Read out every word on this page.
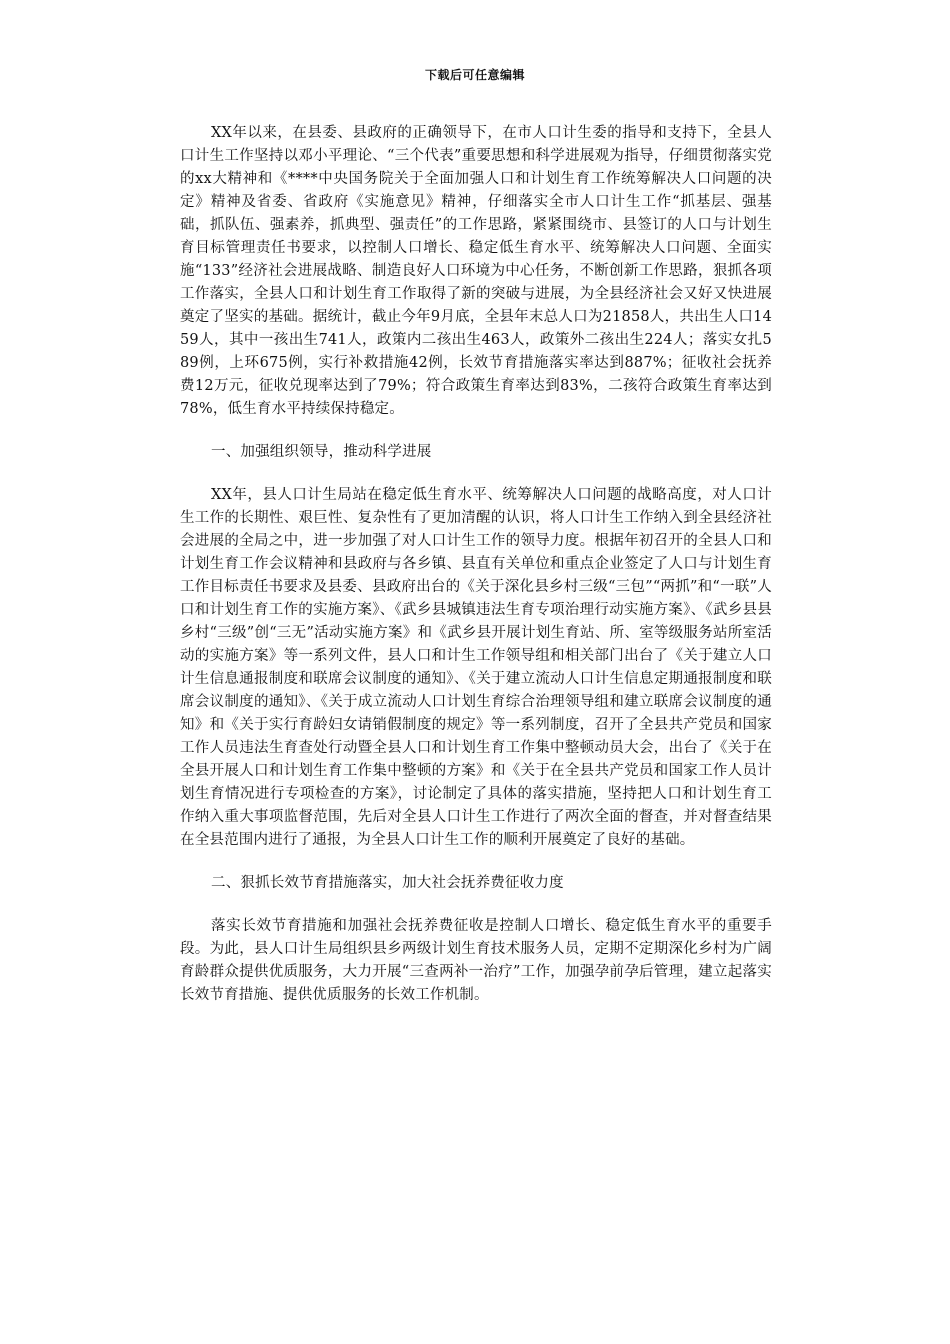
下载后可任意编辑

XX年以来，在县委、县政府的正确领导下，在市人口计生委的指导和支持下，全县人口计生工作坚持以邓小平理论、“三个代表”重要思想和科学进展观为指导，仔细贯彻落实党的xx大精神和《****中央国务院关于全面加强人口和计划生育工作统筹解决人口问题的决定》精神及省委、省政府《实施意见》精神，仔细落实全市人口计生工作“抓基层、强基础，抓队伍、强素养，抓典型、强责任”的工作思路，紧紧围绕市、县签订的人口与计划生育目标管理责任书要求，以控制人口增长、稳定低生育水平、统筹解决人口问题、全面实施“133”经济社会进展战略、制造良好人口环境为中心任务，不断创新工作思路，狠抓各项工作落实，全县人口和计划生育工作取得了新的突破与进展，为全县经济社会又好又快进展奠定了坚实的基础。据统计，截止今年9月底，全县年末总人口为21858人，共出生人口1459人，其中一孩出生741人，政策内二孩出生463人，政策外二孩出生224人；落实女扎589例，上环675例，实行补救措施42例，长效节育措施落实率达到887%；征收社会抚养费12万元，征收兑现率达到了79%；符合政策生育率达到83%，二孩符合政策生育率达到78%，低生育水平持续保持稳定。

一、加强组织领导，推动科学进展

XX年，县人口计生局站在稳定低生育水平、统筹解决人口问题的战略高度，对人口计生工作的长期性、艰巨性、复杂性有了更加清醒的认识，将人口计生工作纳入到全县经济社会进展的全局之中，进一步加强了对人口计生工作的领导力度。根据年初召开的全县人口和计划生育工作会议精神和县政府与各乡镇、县直有关单位和重点企业签定了人口与计划生育工作目标责任书要求及县委、县政府出台的《关于深化县乡村三级“三包”“两抓”和“一联”人口和计划生育工作的实施方案》、《武乡县城镇违法生育专项治理行动实施方案》、《武乡县县乡村“三级”创“三无”活动实施方案》和《武乡县开展计划生育站、所、室等级服务站所室活动的实施方案》等一系列文件，县人口和计生工作领导组和相关部门出台了《关于建立人口计生信息通报制度和联席会议制度的通知》、《关于建立流动人口计生信息定期通报制度和联席会议制度的通知》、《关于成立流动人口计划生育综合治理领导组和建立联席会议制度的通知》和《关于实行育龄妇女请销假制度的规定》等一系列制度，召开了全县共产党员和国家工作人员违法生育查处行动暨全县人口和计划生育工作集中整顿动员大会，出台了《关于在全县开展人口和计划生育工作集中整顿的方案》和《关于在全县共产党员和国家工作人员计划生育情况进行专项检查的方案》，讨论制定了具体的落实措施，坚持把人口和计划生育工作纳入重大事项监督范围，先后对全县人口计生工作进行了两次全面的督查，并对督查结果在全县范围内进行了通报，为全县人口计生工作的顺利开展奠定了良好的基础。

二、狠抓长效节育措施落实，加大社会抚养费征收力度

落实长效节育措施和加强社会抚养费征收是控制人口增长、稳定低生育水平的重要手段。为此，县人口计生局组织县乡两级计划生育技术服务人员，定期不定期深化乡村为广阔育龄群众提供优质服务，大力开展“三查两补一治疗”工作，加强孕前孕后管理，建立起落实长效节育措施、提供优质服务的长效工作机制。
